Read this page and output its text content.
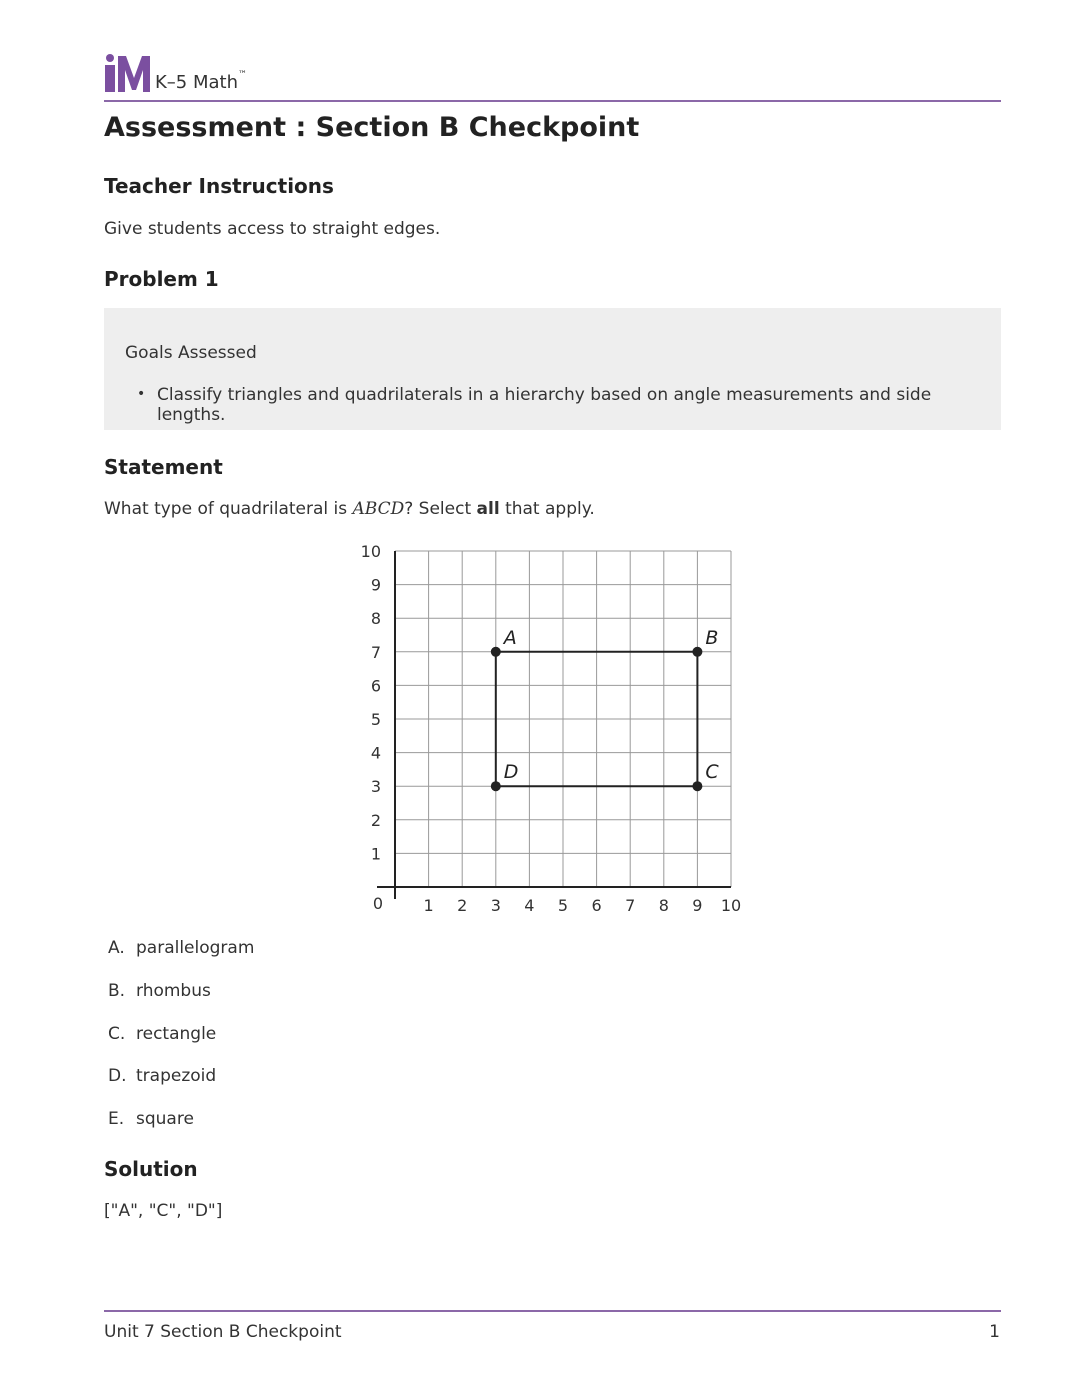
K–5 Math™
Assessment : Section B Checkpoint
Teacher Instructions

Give students access to straight edges.

Problem 1
Goals Assessed
• Classify triangles and quadrilaterals in a hierarchy based on angle measurements and side lengths.
Statement

What type of quadrilateral is ABCD? Select all that apply.

1 2 3 4 5 6 7 8 9 10
1
2
3
4
5
6
7
8
9
10
0
A	B
C
D
A. parallelogram
B. rhombus
C. rectangle
D. trapezoid
E. square
Solution

["A", "C", "D"]

Unit 7 Section B Checkpoint	1
